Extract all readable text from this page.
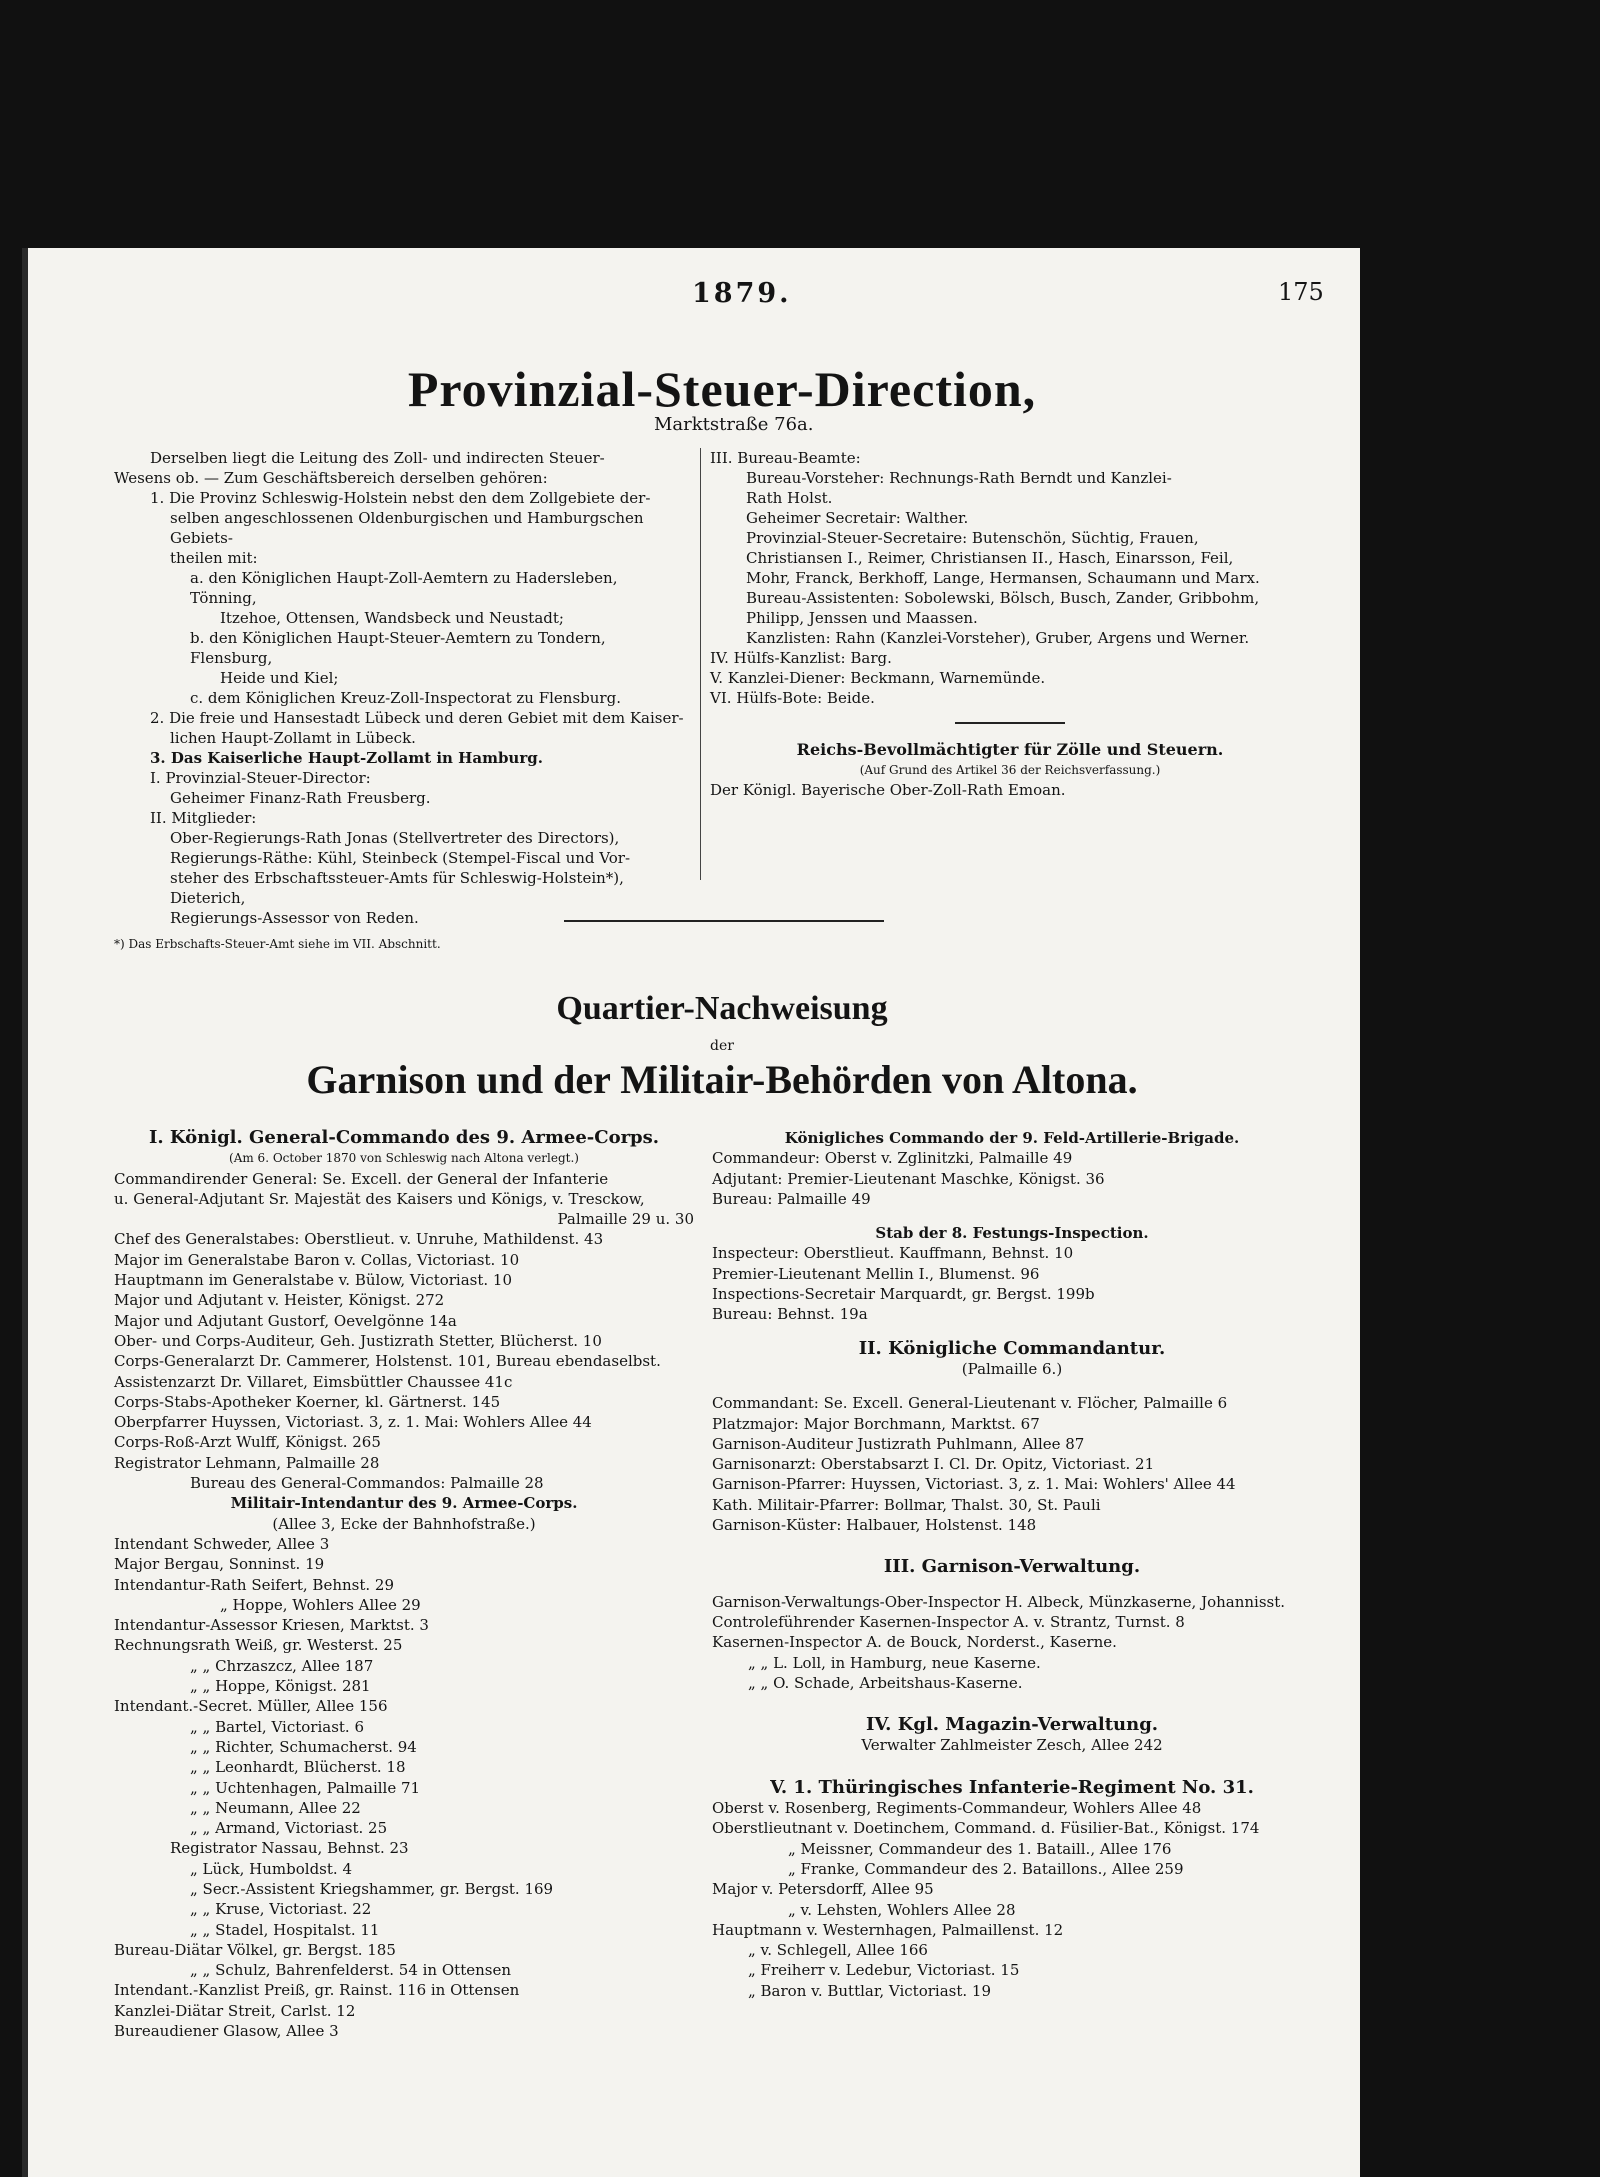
1879.	175
Provinzial-Steuer-Direction,
Marktstraße 76a.

Derselben liegt die Leitung des Zoll- und indirecten Steuer-

Wesens ob. — Zum Geschäftsbereich derselben gehören:

1. Die Provinz Schleswig-Holstein nebst den dem Zollgebiete der-

selben angeschlossenen Oldenburgischen und Hamburgschen Gebiets-

theilen mit:

a. den Königlichen Haupt-Zoll-Aemtern zu Hadersleben, Tönning,

Itzehoe, Ottensen, Wandsbeck und Neustadt;

b. den Königlichen Haupt-Steuer-Aemtern zu Tondern, Flensburg,

Heide und Kiel;

c. dem Königlichen Kreuz-Zoll-Inspectorat zu Flensburg.

2. Die freie und Hansestadt Lübeck und deren Gebiet mit dem Kaiser-

lichen Haupt-Zollamt in Lübeck.

3. Das Kaiserliche Haupt-Zollamt in Hamburg.

I. Provinzial-Steuer-Director:

Geheimer Finanz-Rath Freusberg.

II. Mitglieder:

Ober-Regierungs-Rath Jonas (Stellvertreter des Directors),

Regierungs-Räthe: Kühl, Steinbeck (Stempel-Fiscal und Vor-

steher des Erbschaftssteuer-Amts für Schleswig-Holstein*), Dieterich,

Regierungs-Assessor von Reden.

*) Das Erbschafts-Steuer-Amt siehe im VII. Abschnitt.

III. Bureau-Beamte:

Bureau-Vorsteher: Rechnungs-Rath Berndt und Kanzlei-

Rath Holst.

Geheimer Secretair: Walther.

Provinzial-Steuer-Secretaire: Butenschön, Süchtig, Frauen,

Christiansen I., Reimer, Christiansen II., Hasch, Einarsson, Feil,

Mohr, Franck, Berkhoff, Lange, Hermansen, Schaumann und Marx.

Bureau-Assistenten: Sobolewski, Bölsch, Busch, Zander, Gribbohm,

Philipp, Jenssen und Maassen.

Kanzlisten: Rahn (Kanzlei-Vorsteher), Gruber, Argens und Werner.

IV. Hülfs-Kanzlist: Barg.

V. Kanzlei-Diener: Beckmann, Warnemünde.

VI. Hülfs-Bote: Beide.

Reichs-Bevollmächtigter für Zölle und Steuern.

(Auf Grund des Artikel 36 der Reichsverfassung.)

Der Königl. Bayerische Ober-Zoll-Rath Emoan.

Quartier-Nachweisung
der
Garnison und der Militair-Behörden von Altona.

I. Königl. General-Commando des 9. Armee-Corps.

(Am 6. October 1870 von Schleswig nach Altona verlegt.)

Commandirender General: Se. Excell. der General der Infanterie

u. General-Adjutant Sr. Majestät des Kaisers und Königs, v. Tresckow,

Palmaille 29 u. 30

Chef des Generalstabes: Oberstlieut. v. Unruhe, Mathildenst. 43

Major im Generalstabe Baron v. Collas, Victoriast. 10

Hauptmann im Generalstabe v. Bülow, Victoriast. 10

Major und Adjutant v. Heister, Königst. 272

Major und Adjutant Gustorf, Oevelgönne 14a

Ober- und Corps-Auditeur, Geh. Justizrath Stetter, Blücherst. 10

Corps-Generalarzt Dr. Cammerer, Holstenst. 101, Bureau ebendaselbst.

Assistenzarzt Dr. Villaret, Eimsbüttler Chaussee 41c

Corps-Stabs-Apotheker Koerner, kl. Gärtnerst. 145

Oberpfarrer Huyssen, Victoriast. 3, z. 1. Mai: Wohlers Allee 44

Corps-Roß-Arzt Wulff, Königst. 265

Registrator Lehmann, Palmaille 28

Bureau des General-Commandos: Palmaille 28

Militair-Intendantur des 9. Armee-Corps.

(Allee 3, Ecke der Bahnhofstraße.)

Intendant Schweder, Allee 3

Major Bergau, Sonninst. 19

Intendantur-Rath Seifert, Behnst. 29

„ Hoppe, Wohlers Allee 29

Intendantur-Assessor Kriesen, Marktst. 3

Rechnungsrath Weiß, gr. Westerst. 25

„ „ Chrzaszcz, Allee 187

„ „ Hoppe, Königst. 281

Intendant.-Secret. Müller, Allee 156

„ „ Bartel, Victoriast. 6

„ „ Richter, Schumacherst. 94

„ „ Leonhardt, Blücherst. 18

„ „ Uchtenhagen, Palmaille 71

„ „ Neumann, Allee 22

„ „ Armand, Victoriast. 25

Registrator Nassau, Behnst. 23

„ Lück, Humboldst. 4

„ Secr.-Assistent Kriegshammer, gr. Bergst. 169

„ „ Kruse, Victoriast. 22

„ „ Stadel, Hospitalst. 11

Bureau-Diätar Völkel, gr. Bergst. 185

„ „ Schulz, Bahrenfelderst. 54 in Ottensen

Intendant.-Kanzlist Preiß, gr. Rainst. 116 in Ottensen

Kanzlei-Diätar Streit, Carlst. 12

Bureaudiener Glasow, Allee 3

Königliches Commando der 9. Feld-Artillerie-Brigade.

Commandeur: Oberst v. Zglinitzki, Palmaille 49

Adjutant: Premier-Lieutenant Maschke, Königst. 36

Bureau: Palmaille 49

Stab der 8. Festungs-Inspection.

Inspecteur: Oberstlieut. Kauffmann, Behnst. 10

Premier-Lieutenant Mellin I., Blumenst. 96

Inspections-Secretair Marquardt, gr. Bergst. 199b

Bureau: Behnst. 19a

II. Königliche Commandantur.

(Palmaille 6.)

Commandant: Se. Excell. General-Lieutenant v. Flöcher, Palmaille 6

Platzmajor: Major Borchmann, Marktst. 67

Garnison-Auditeur Justizrath Puhlmann, Allee 87

Garnisonarzt: Oberstabsarzt I. Cl. Dr. Opitz, Victoriast. 21

Garnison-Pfarrer: Huyssen, Victoriast. 3, z. 1. Mai: Wohlers' Allee 44

Kath. Militair-Pfarrer: Bollmar, Thalst. 30, St. Pauli

Garnison-Küster: Halbauer, Holstenst. 148

III. Garnison-Verwaltung.

Garnison-Verwaltungs-Ober-Inspector H. Albeck, Münzkaserne, Johannisst.

Controleführender Kasernen-Inspector A. v. Strantz, Turnst. 8

Kasernen-Inspector A. de Bouck, Norderst., Kaserne.

„ „ L. Loll, in Hamburg, neue Kaserne.

„ „ O. Schade, Arbeitshaus-Kaserne.

IV. Kgl. Magazin-Verwaltung.

Verwalter Zahlmeister Zesch, Allee 242

V. 1. Thüringisches Infanterie-Regiment No. 31.

Oberst v. Rosenberg, Regiments-Commandeur, Wohlers Allee 48

Oberstlieutnant v. Doetinchem, Command. d. Füsilier-Bat., Königst. 174

„ Meissner, Commandeur des 1. Bataill., Allee 176

„ Franke, Commandeur des 2. Bataillons., Allee 259

Major v. Petersdorff, Allee 95

„ v. Lehsten, Wohlers Allee 28

Hauptmann v. Westernhagen, Palmaillenst. 12

„ v. Schlegell, Allee 166

„ Freiherr v. Ledebur, Victoriast. 15

„ Baron v. Buttlar, Victoriast. 19
